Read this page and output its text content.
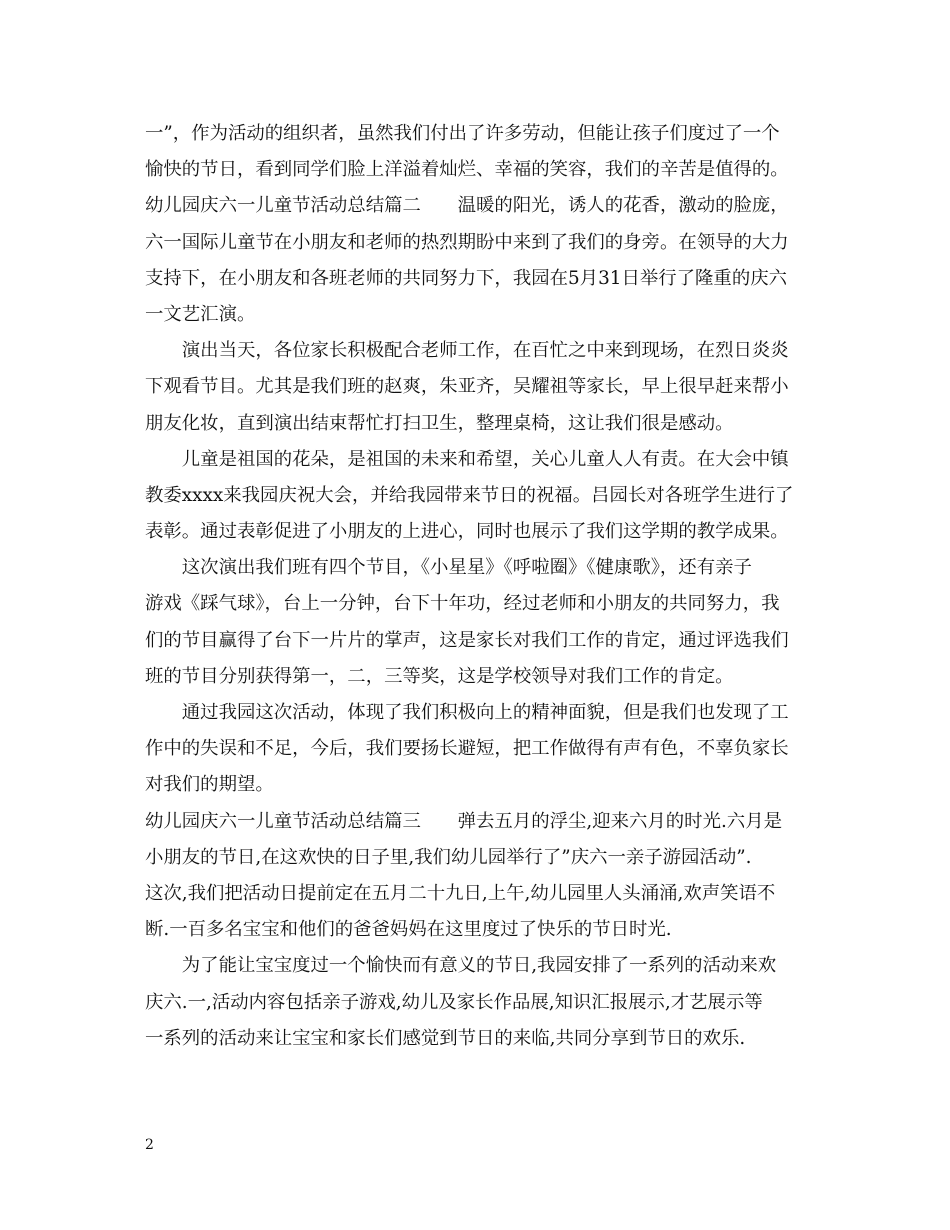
一”，作为活动的组织者，虽然我们付出了许多劳动，但能让孩子们度过了一个
愉快的节日，看到同学们脸上洋溢着灿烂、幸福的笑容，我们的辛苦是值得的。
幼儿园庆六一儿童节活动总结篇二　　温暖的阳光，诱人的花香，激动的脸庞，
六一国际儿童节在小朋友和老师的热烈期盼中来到了我们的身旁。在领导的大力
支持下，在小朋友和各班老师的共同努力下，我园在5月31日举行了隆重的庆六
一文艺汇演。
　　演出当天，各位家长积极配合老师工作，在百忙之中来到现场，在烈日炎炎
下观看节目。尤其是我们班的赵爽，朱亚齐，吴耀祖等家长，早上很早赶来帮小
朋友化妆，直到演出结束帮忙打扫卫生，整理桌椅，这让我们很是感动。
　　儿童是祖国的花朵，是祖国的未来和希望，关心儿童人人有责。在大会中镇
教委xxxx来我园庆祝大会，并给我园带来节日的祝福。吕园长对各班学生进行了
表彰。通过表彰促进了小朋友的上进心，同时也展示了我们这学期的教学成果。
　　这次演出我们班有四个节目，《小星星》《呼啦圈》《健康歌》，还有亲子
游戏《踩气球》，台上一分钟，台下十年功，经过老师和小朋友的共同努力，我
们的节目赢得了台下一片片的掌声，这是家长对我们工作的肯定，通过评选我们
班的节目分别获得第一，二，三等奖，这是学校领导对我们工作的肯定。
　　通过我园这次活动，体现了我们积极向上的精神面貌，但是我们也发现了工
作中的失误和不足，今后，我们要扬长避短，把工作做得有声有色，不辜负家长
对我们的期望。
幼儿园庆六一儿童节活动总结篇三　　弹去五月的浮尘,迎来六月的时光.六月是
小朋友的节日,在这欢快的日子里,我们幼儿园举行了”庆六一亲子游园活动”.
这次,我们把活动日提前定在五月二十九日,上午,幼儿园里人头涌涌,欢声笑语不
断.一百多名宝宝和他们的爸爸妈妈在这里度过了快乐的节日时光.
　　为了能让宝宝度过一个愉快而有意义的节日,我园安排了一系列的活动来欢
庆六.一,活动内容包括亲子游戏,幼儿及家长作品展,知识汇报展示,才艺展示等
一系列的活动来让宝宝和家长们感觉到节日的来临,共同分享到节日的欢乐.
2
